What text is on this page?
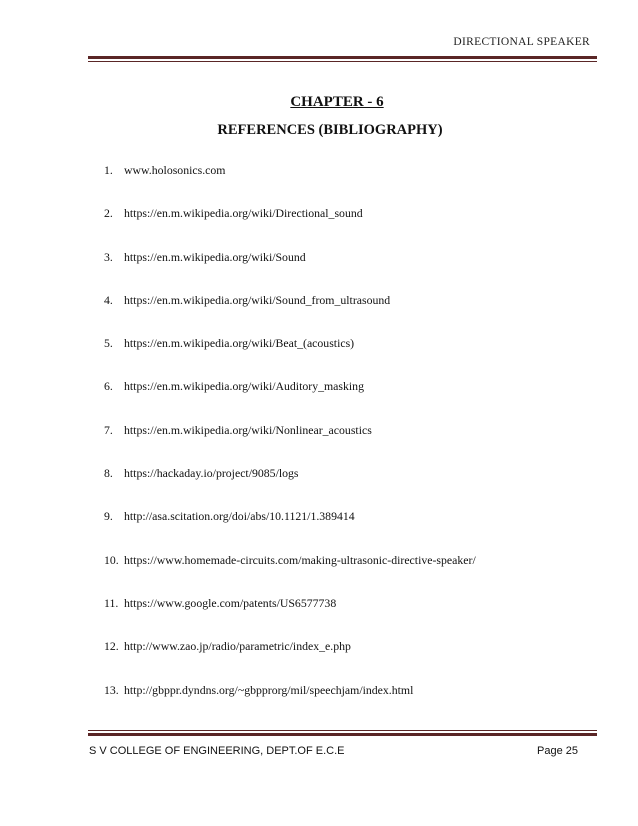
DIRECTIONAL SPEAKER
CHAPTER - 6
REFERENCES (BIBLIOGRAPHY)
1. www.holosonics.com
2. https://en.m.wikipedia.org/wiki/Directional_sound
3. https://en.m.wikipedia.org/wiki/Sound
4. https://en.m.wikipedia.org/wiki/Sound_from_ultrasound
5. https://en.m.wikipedia.org/wiki/Beat_(acoustics)
6. https://en.m.wikipedia.org/wiki/Auditory_masking
7. https://en.m.wikipedia.org/wiki/Nonlinear_acoustics
8. https://hackaday.io/project/9085/logs
9. http://asa.scitation.org/doi/abs/10.1121/1.389414
10. https://www.homemade-circuits.com/making-ultrasonic-directive-speaker/
11. https://www.google.com/patents/US6577738
12. http://www.zao.jp/radio/parametric/index_e.php
13. http://gbppr.dyndns.org/~gbpprorg/mil/speechjam/index.html
S V COLLEGE OF ENGINEERING, DEPT.OF E.C.E	Page 25
